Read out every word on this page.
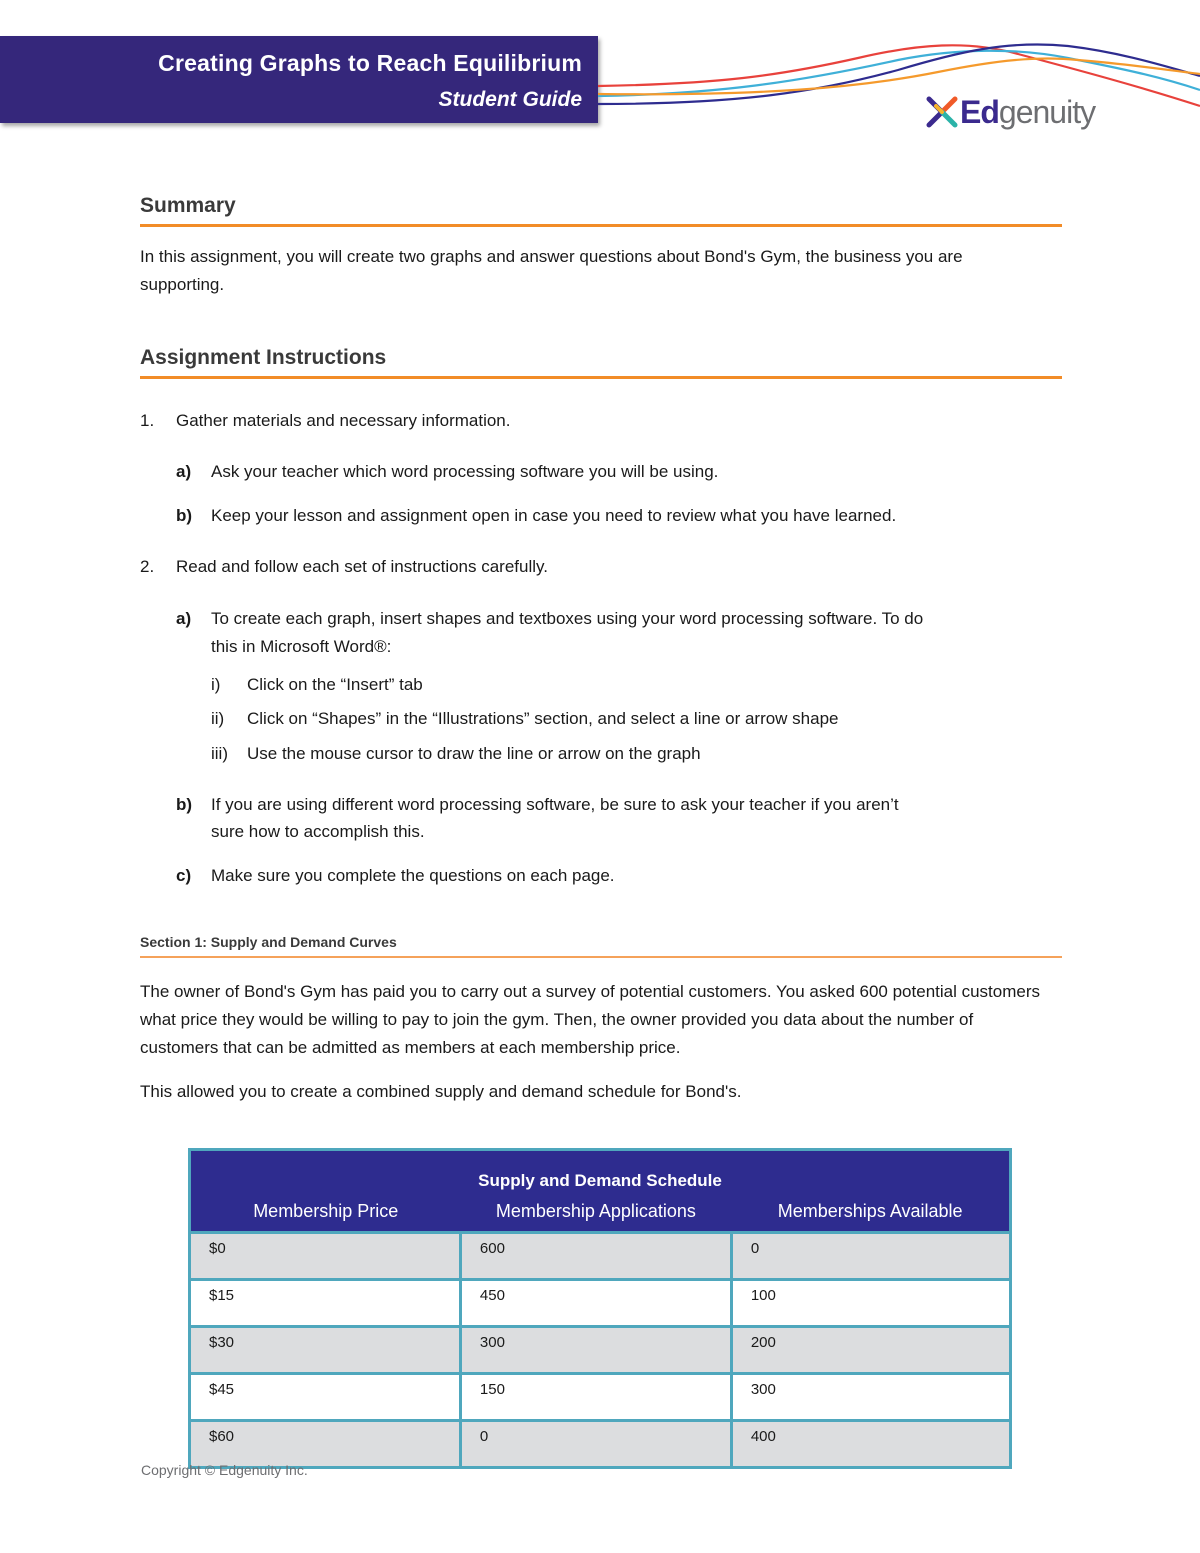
Creating Graphs to Reach Equilibrium
Student Guide	Ed genuity
Summary

In this assignment, you will create two graphs and answer questions about Bond's Gym, the business you are supporting.

Assignment Instructions
1. Gather materials and necessary information.
a) Ask your teacher which word processing software you will be using.
b) Keep your lesson and assignment open in case you need to review what you have learned.
2. Read and follow each set of instructions carefully.
a) To create each graph, insert shapes and textboxes using your word processing software. To do
this in Microsoft Word®:
i) Click on the “Insert” tab
ii) Click on “Shapes” in the “Illustrations” section, and select a line or arrow shape
iii) Use the mouse cursor to draw the line or arrow on the graph
b) If you are using different word processing software, be sure to ask your teacher if you aren’t
sure how to accomplish this.
c) Make sure you complete the questions on each page.
Section 1: Supply and Demand Curves

The owner of Bond's Gym has paid you to carry out a survey of potential customers. You asked 600 potential customers what price they would be willing to pay to join the gym. Then, the owner provided you data about the number of customers that can be admitted as members at each membership price.

This allowed you to create a combined supply and demand schedule for Bond's.

Supply and Demand Schedule		
Membership Price	Membership Applications	Memberships Available
$0	600	0
$15	450	100
$30	300	200
$45	150	300
$60	0	400
Copyright © Edgenuity Inc.
